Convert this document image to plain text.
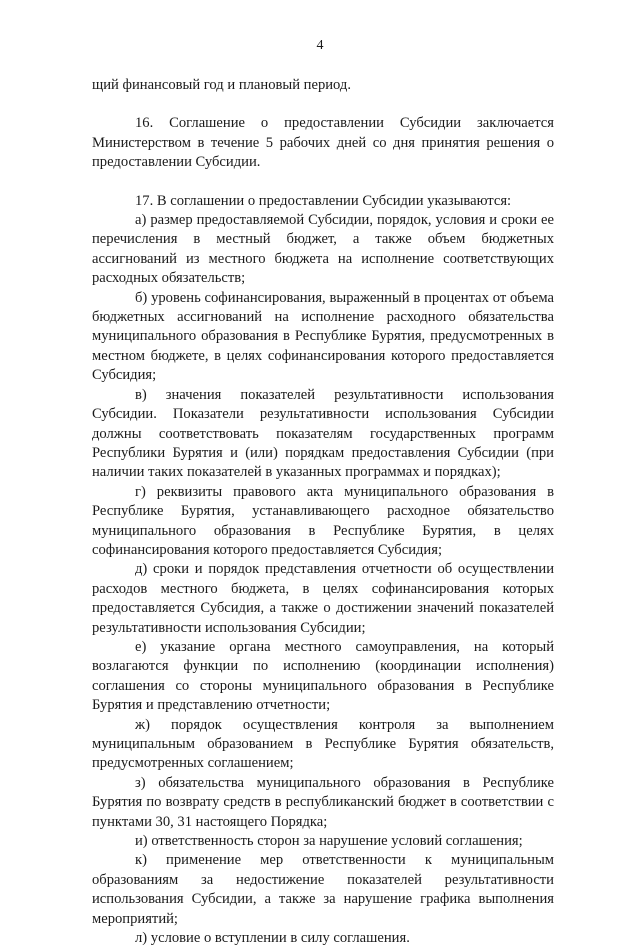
4

щий финансовый год и плановый период.

16. Соглашение о предоставлении Субсидии заключается Министерством в течение 5 рабочих дней со дня принятия решения о предоставлении Субсидии.

17. В соглашении о предоставлении Субсидии указываются:

а) размер предоставляемой Субсидии, порядок, условия и сроки ее перечисления в местный бюджет, а также объем бюджетных ассигнований из местного бюджета на исполнение соответствующих расходных обязательств;

б) уровень софинансирования, выраженный в процентах от объема бюджетных ассигнований на исполнение расходного обязательства муниципального образования в Республике Бурятия, предусмотренных в местном бюджете, в целях софинансирования которого предоставляется Субсидия;

в) значения показателей результативности использования Субсидии. Показатели результативности использования Субсидии должны соответствовать показателям государственных программ Республики Бурятия и (или) порядкам предоставления Субсидии (при наличии таких показателей в указанных программах и порядках);

г) реквизиты правового акта муниципального образования в Республике Бурятия, устанавливающего расходное обязательство муниципального образования в Республике Бурятия, в целях софинансирования которого предоставляется Субсидия;

д) сроки и порядок представления отчетности об осуществлении расходов местного бюджета, в целях софинансирования которых предоставляется Субсидия, а также о достижении значений показателей результативности использования Субсидии;

е) указание органа местного самоуправления, на который возлагаются функции по исполнению (координации исполнения) соглашения со стороны муниципального образования в Республике Бурятия и представлению отчетности;

ж) порядок осуществления контроля за выполнением муниципальным образованием в Республике Бурятия обязательств, предусмотренных соглашением;

з) обязательства муниципального образования в Республике Бурятия по возврату средств в республиканский бюджет в соответствии с пунктами 30, 31 настоящего Порядка;

и) ответственность сторон за нарушение условий соглашения;

к) применение мер ответственности к муниципальным образованиям за недостижение показателей результативности использования Субсидии, а также за нарушение графика выполнения мероприятий;

л) условие о вступлении в силу соглашения.
